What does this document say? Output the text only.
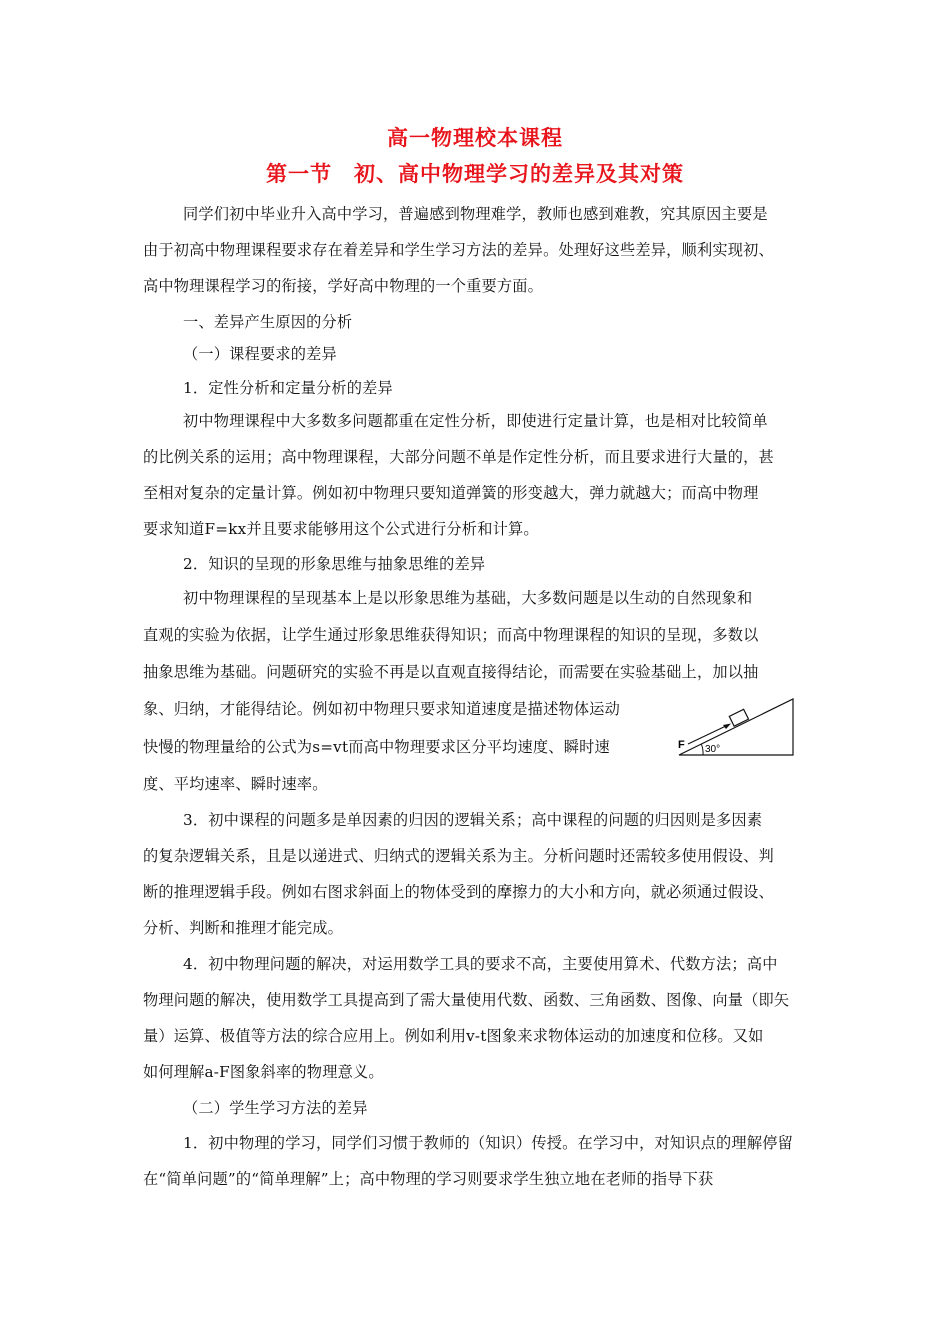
高一物理校本课程
第一节　初、高中物理学习的差异及其对策
同学们初中毕业升入高中学习，普遍感到物理难学，教师也感到难教，究其原因主要是
由于初高中物理课程要求存在着差异和学生学习方法的差异。处理好这些差异，顺利实现初、
高中物理课程学习的衔接，学好高中物理的一个重要方面。
一、差异产生原因的分析
（一）课程要求的差异
1．定性分析和定量分析的差异
初中物理课程中大多数多问题都重在定性分析，即使进行定量计算，也是相对比较简单
的比例关系的运用；高中物理课程，大部分问题不单是作定性分析，而且要求进行大量的，甚
至相对复杂的定量计算。例如初中物理只要知道弹簧的形变越大，弹力就越大；而高中物理
要求知道F=kx并且要求能够用这个公式进行分析和计算。
2．知识的呈现的形象思维与抽象思维的差异
初中物理课程的呈现基本上是以形象思维为基础，大多数问题是以生动的自然现象和
直观的实验为依据，让学生通过形象思维获得知识；而高中物理课程的知识的呈现，多数以
抽象思维为基础。问题研究的实验不再是以直观直接得结论，而需要在实验基础上，加以抽
象、归纳，才能得结论。例如初中物理只要求知道速度是描述物体运动
快慢的物理量给的公式为s=vt而高中物理要求区分平均速度、瞬时速
度、平均速率、瞬时速率。
3．初中课程的问题多是单因素的归因的逻辑关系；高中课程的问题的归因则是多因素
的复杂逻辑关系，且是以递进式、归纳式的逻辑关系为主。分析问题时还需较多使用假设、判
断的推理逻辑手段。例如右图求斜面上的物体受到的摩擦力的大小和方向，就必须通过假设、
分析、判断和推理才能完成。
4．初中物理问题的解决，对运用数学工具的要求不高，主要使用算术、代数方法；高中
物理问题的解决，使用数学工具提高到了需大量使用代数、函数、三角函数、图像、向量（即矢
量）运算、极值等方法的综合应用上。例如利用v-t图象来求物体运动的加速度和位移。又如
如何理解a-F图象斜率的物理意义。
（二）学生学习方法的差异
1．初中物理的学习，同学们习惯于教师的（知识）传授。在学习中，对知识点的理解停留
在“简单问题”的“简单理解”上；高中物理的学习则要求学生独立地在老师的指导下获
F 30°
